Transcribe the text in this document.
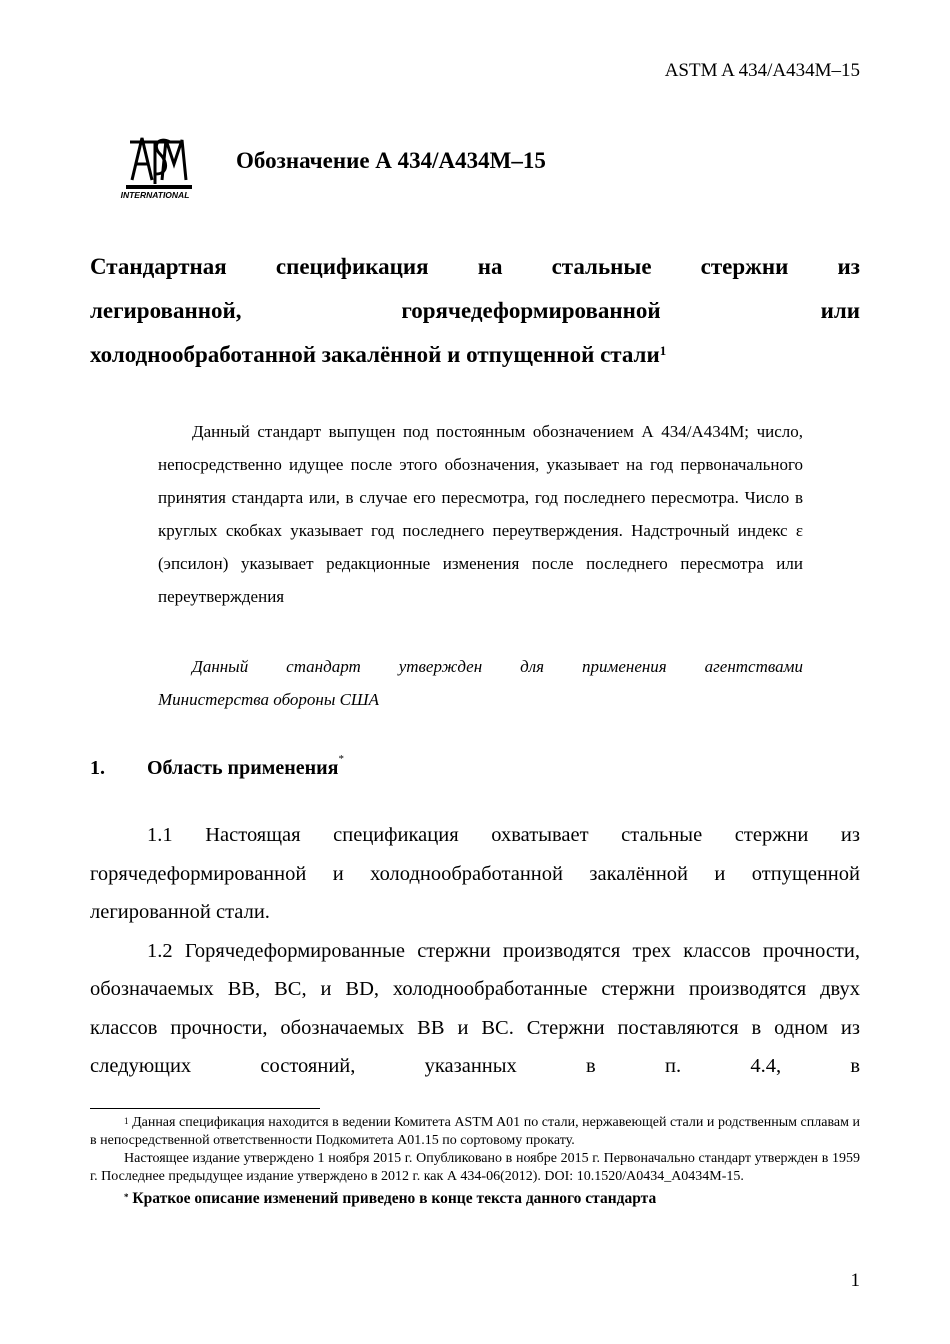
ASTM A 434/A434M–15
INTERNATIONAL
Обозначение А 434/A434M–15
Стандартная спецификация на стальные стержни из
легированной,	горячедеформированной	или
холоднообработанной закалённой и отпущенной стали$^1$

Данный стандарт выпущен под постоянным обозначением А 434/A434M; число, непосредственно идущее после этого обозначения, указывает на год первоначального принятия стандарта или, в случае его пересмотра, год последнего пересмотра. Число в круглых скобках указывает год последнего переутверждения. Надстрочный индекс ε (эпсилон) указывает редакционные изменения после последнего пересмотра или переутверждения

Данный стандарт утвержден для применения агентствами
Министерства обороны США
1. Область применения*

1.1 Настоящая спецификация охватывает стальные стержни из горячедеформированной и холоднообработанной закалённой и отпущенной легированной стали.

1.2 Горячедеформированные стержни производятся трех классов прочности, обозначаемых BB, BC, и BD, холоднообработанные стержни производятся двух классов прочности, обозначаемых BB и BC. Стержни поставляются в одном из следующих состояний, указанных в п. 4.4, в

$^1$ Данная спецификация находится в ведении Комитета ASTM A01 по стали, нержавеющей стали и родственным сплавам и в непосредственной ответственности Подкомитета A01.15 по сортовому прокату.

Настоящее издание утверждено 1 ноября 2015 г. Опубликовано в ноябре 2015 г. Первоначально стандарт утвержден в 1959 г. Последнее предыдущее издание утверждено в 2012 г. как А 434-06(2012). DOI: 10.1520/A0434_A0434M-15.

* Краткое описание изменений приведено в конце текста данного стандарта

1
